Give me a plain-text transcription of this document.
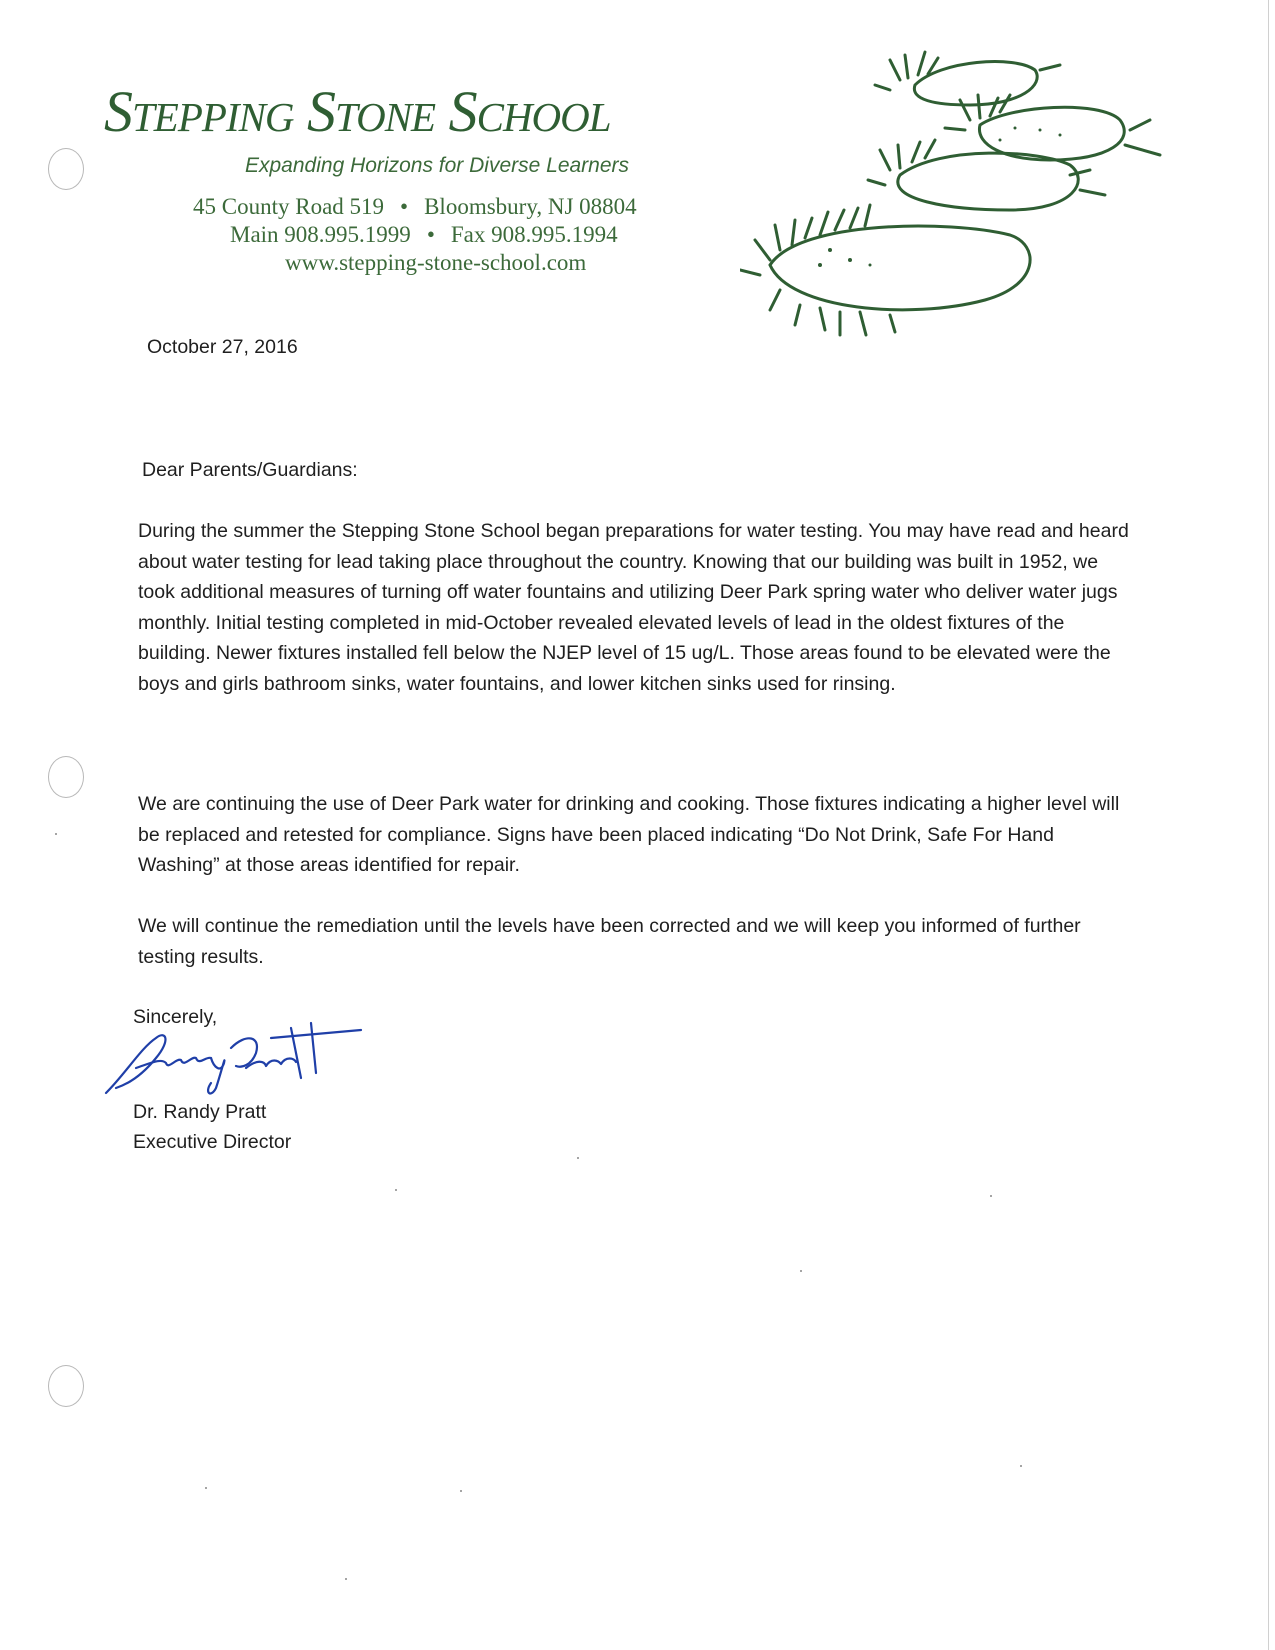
Stepping Stone School
Expanding Horizons for Diverse Learners
45 County Road 519 • Bloomsbury, NJ 08804
Main 908.995.1999 • Fax 908.995.1994
www.stepping-stone-school.com
October 27, 2016
Dear Parents/Guardians:

During the summer the Stepping Stone School began preparations for water testing. You may have read and heard about water testing for lead taking place throughout the country. Knowing that our building was built in 1952, we took additional measures of turning off water fountains and utilizing Deer Park spring water who deliver water jugs monthly. Initial testing completed in mid-October revealed elevated levels of lead in the oldest fixtures of the building. Newer fixtures installed fell below the NJEP level of 15 ug/L. Those areas found to be elevated were the boys and girls bathroom sinks, water fountains, and lower kitchen sinks used for rinsing.

We are continuing the use of Deer Park water for drinking and cooking. Those fixtures indicating a higher level will be replaced and retested for compliance. Signs have been placed indicating “Do Not Drink, Safe For Hand Washing” at those areas identified for repair.

We will continue the remediation until the levels have been corrected and we will keep you informed of further testing results.

Sincerely,
Dr. Randy Pratt
Executive Director
